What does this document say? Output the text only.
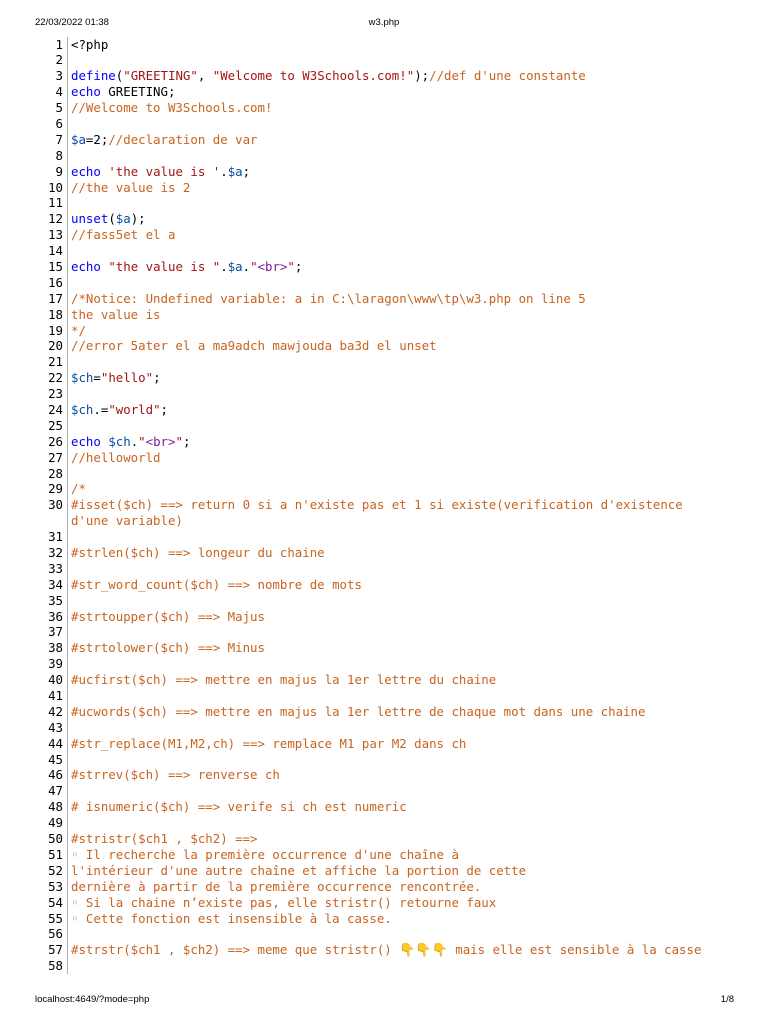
22/03/2022 01:38	w3.php
1 <?php
2
3 define("GREETING", "Welcome to W3Schools.com!");//def d'une constante
4 echo GREETING;
5 //Welcome to W3Schools.com!
6
7 $a=2;//declaration de var
8
9 echo 'the value is '.$a;
10 //the value is 2
11
12 unset($a);
13 //fass5et el a
14
15 echo "the value is ".$a."<br>";
16
17 /*Notice: Undefined variable: a in C:\laragon\www\tp\w3.php on line 5
18 the value is
19 */
20 //error 5ater el a ma9adch mawjouda ba3d el unset
21
22 $ch="hello";
23
24 $ch.="world";
25
26 echo $ch."<br>";
27 //helloworld
28
29 /*
30 #isset($ch) ==> return 0 si a n'existe pas et 1 si existe(verification d'existence d'une variable)
31
32 #strlen($ch) ==> longeur du chaine
33
34 #str_word_count($ch) ==> nombre de mots
35
36 #strtoupper($ch) ==> Majus
37
38 #strtolower($ch) ==> Minus
39
40 #ucfirst($ch) ==> mettre en majus la 1er lettre du chaine
41
42 #ucwords($ch) ==> mettre en majus la 1er lettre de chaque mot dans une chaine
43
44 #str_replace(M1,M2,ch) ==> remplace M1 par M2 dans ch
45
46 #strrev($ch) ==> renverse ch
47
48 # isnumeric($ch) ==> verife si ch est numeric
49
50 #stristr($ch1 , $ch2) ==>
51 ◦ Il recherche la première occurrence d'une chaîne à
52 l'intérieur d'une autre chaîne et affiche la portion de cette
53 dernière à partir de la première occurrence rencontrée.
54 ◦ Si la chaine n’existe pas, elle stristr() retourne faux
55 ◦ Cette fonction est insensible à la casse.
56
57 #strstr($ch1 , $ch2) ==> meme que stristr() 👇👇👇 mais elle est sensible à la casse
58
localhost:4649/?mode=php	1/8
